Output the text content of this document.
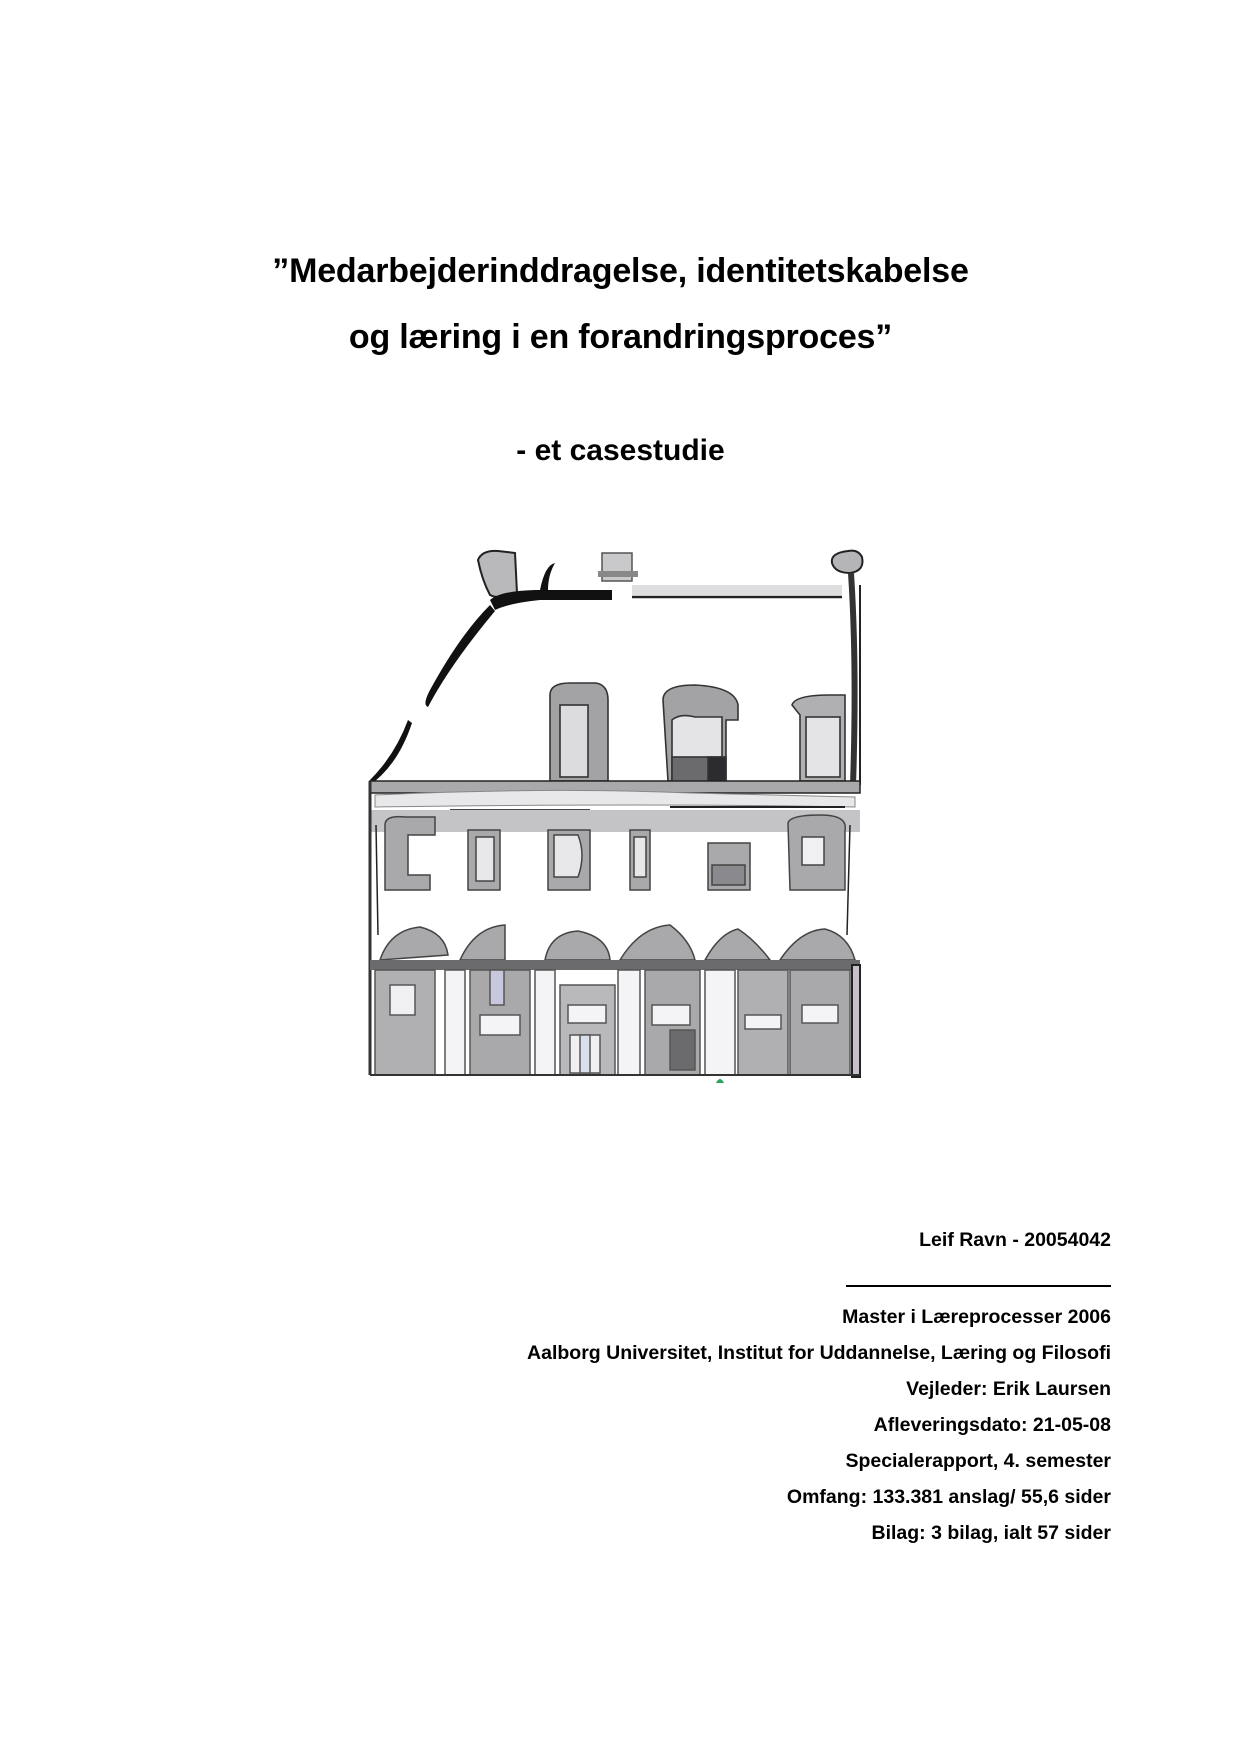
”Medarbejderinddragelse, identitetskabelse
og læring i en forandringsproces”
- et casestudie
Leif Ravn - 20054042
Master i Læreprocesser 2006
Aalborg Universitet, Institut for Uddannelse, Læring og Filosofi
Vejleder: Erik Laursen
Afleveringsdato: 21-05-08
Specialerapport, 4. semester
Omfang: 133.381 anslag/ 55,6 sider
Bilag: 3 bilag, ialt 57 sider
